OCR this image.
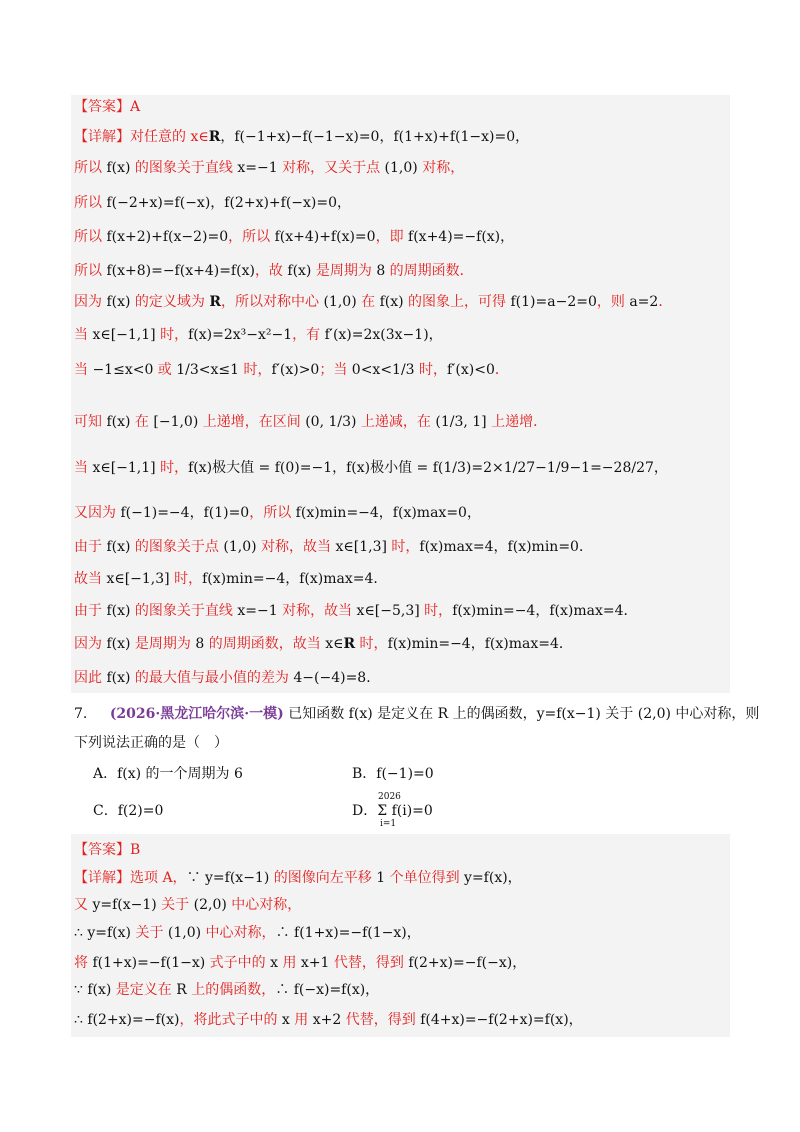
【答案】A
【详解】对任意的 x∈R，f(−1+x)−f(−1−x)=0，f(1+x)+f(1−x)=0，
所以 f(x) 的图象关于直线 x=−1 对称，又关于点 (1,0) 对称，
所以 f(−2+x)=f(−x)，f(2+x)+f(−x)=0，
所以 f(x+2)+f(x−2)=0，所以 f(x+4)+f(x)=0，即 f(x+4)=−f(x)，
所以 f(x+8)=−f(x+4)=f(x)，故 f(x) 是周期为 8 的周期函数．
因为 f(x) 的定义域为 R，所以对称中心 (1,0) 在 f(x) 的图象上，可得 f(1)=a−2=0，则 a=2．
当 x∈[−1,1] 时，f(x)=2x³−x²−1，有 f′(x)=2x(3x−1)，
当 −1≤x<0 或 1/3<x≤1 时，f′(x)>0；当 0<x<1/3 时，f′(x)<0．
可知 f(x) 在 [−1,0) 上递增，在区间 (0, 1/3) 上递减，在 (1/3, 1] 上递增．
当 x∈[−1,1] 时，f(x)极大值 = f(0)=−1，f(x)极小值 = f(1/3)=2×1/27−1/9−1=−28/27，
又因为 f(−1)=−4，f(1)=0，所以 f(x)min=−4，f(x)max=0，
由于 f(x) 的图象关于点 (1,0) 对称，故当 x∈[1,3] 时，f(x)max=4，f(x)min=0．
故当 x∈[−1,3] 时，f(x)min=−4，f(x)max=4．
由于 f(x) 的图象关于直线 x=−1 对称，故当 x∈[−5,3] 时，f(x)min=−4，f(x)max=4．
因为 f(x) 是周期为 8 的周期函数，故当 x∈R 时，f(x)min=−4，f(x)max=4．
因此 f(x) 的最大值与最小值的差为 4−(−4)=8．
7. (2026·黑龙江哈尔滨·一模) 已知函数 f(x) 是定义在 R 上的偶函数，y=f(x−1) 关于 (2,0) 中心对称，则
下列说法正确的是（　）
A．f(x) 的一个周期为 6	B．f(−1)=0
C．f(2)=0	D．Σ f(i)=0
2026
i=1
【答案】B
【详解】选项 A，∵ y=f(x−1) 的图像向左平移 1 个单位得到 y=f(x)，
又 y=f(x−1) 关于 (2,0) 中心对称，
∴ y=f(x) 关于 (1,0) 中心对称，∴ f(1+x)=−f(1−x)，
将 f(1+x)=−f(1−x) 式子中的 x 用 x+1 代替，得到 f(2+x)=−f(−x)，
∵ f(x) 是定义在 R 上的偶函数，∴ f(−x)=f(x)，
∴ f(2+x)=−f(x)，将此式子中的 x 用 x+2 代替，得到 f(4+x)=−f(2+x)=f(x)，
